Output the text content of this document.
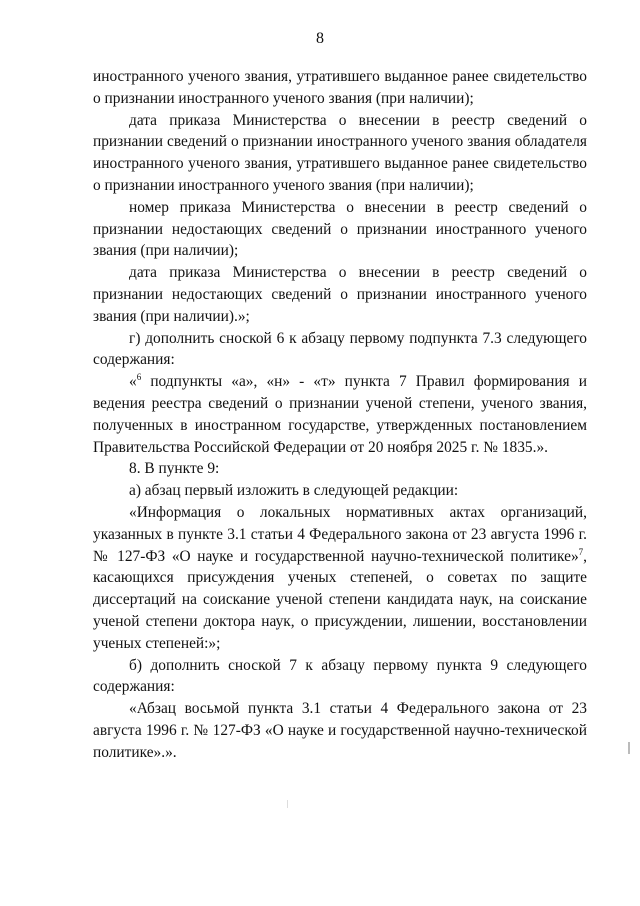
8

иностранного ученого звания, утратившего выданное ранее свидетельство о признании иностранного ученого звания (при наличии);

дата приказа Министерства о внесении в реестр сведений о признании сведений о признании иностранного ученого звания обладателя иностранного ученого звания, утратившего выданное ранее свидетельство о признании иностранного ученого звания (при наличии);

номер приказа Министерства о внесении в реестр сведений о признании недостающих сведений о признании иностранного ученого звания (при наличии);

дата приказа Министерства о внесении в реестр сведений о признании недостающих сведений о признании иностранного ученого звания (при наличии).»;

г) дополнить сноской 6 к абзацу первому подпункта 7.3 следующего содержания:

«$^6$ подпункты «а», «н» - «т» пункта 7 Правил формирования и ведения реестра сведений о признании ученой степени, ученого звания, полученных в иностранном государстве, утвержденных постановлением Правительства Российской Федерации от 20 ноября 2025 г. № 1835.».

8. В пункте 9:

а) абзац первый изложить в следующей редакции:

«Информация о локальных нормативных актах организаций, указанных в пункте 3.1 статьи 4 Федерального закона от 23 августа 1996 г. № 127-ФЗ «О науке и государственной научно-технической политике»$^7$, касающихся присуждения ученых степеней, о советах по защите диссертаций на соискание ученой степени кандидата наук, на соискание ученой степени доктора наук, о присуждении, лишении, восстановлении ученых степеней:»;

б) дополнить сноской 7 к абзацу первому пункта 9 следующего содержания:

«Абзац восьмой пункта 3.1 статьи 4 Федерального закона от 23 августа 1996 г. № 127-ФЗ «О науке и государственной научно-технической политике».».
